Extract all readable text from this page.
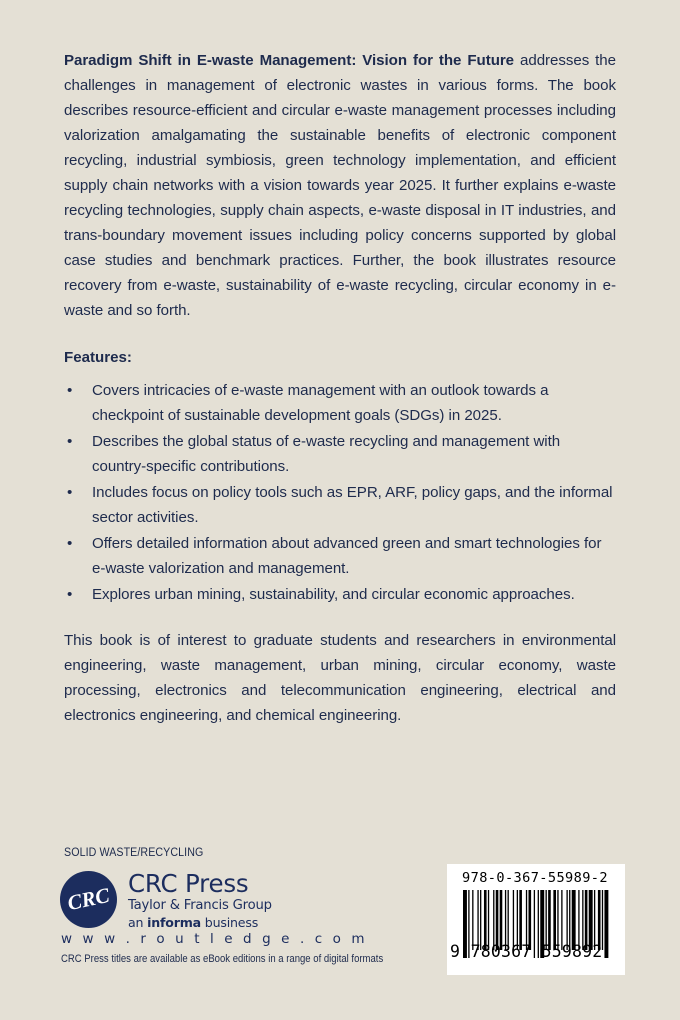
Paradigm Shift in E-waste Management: Vision for the Future addresses the challenges in management of electronic wastes in various forms. The book describes resource-efficient and circular e-waste management processes including valorization amalgamating the sustainable benefits of electronic component recycling, industrial symbiosis, green technology implementation, and efficient supply chain networks with a vision towards year 2025. It further explains e-waste recycling technologies, supply chain aspects, e-waste disposal in IT industries, and trans-boundary movement issues including policy concerns supported by global case studies and benchmark practices. Further, the book illustrates resource recovery from e-waste, sustainability of e-waste recycling, circular economy in e-waste and so forth.

Features:
• Covers intricacies of e-waste management with an outlook towards a checkpoint of sustainable development goals (SDGs) in 2025.
• Describes the global status of e-waste recycling and management with country-specific contributions.
• Includes focus on policy tools such as EPR, ARF, policy gaps, and the informal sector activities.
• Offers detailed information about advanced green and smart technologies for e-waste valorization and management.
• Explores urban mining, sustainability, and circular economic approaches.

This book is of interest to graduate students and researchers in environmental engineering, waste management, urban mining, circular economy, waste processing, electronics and telecommunication engineering, electrical and electronics engineering, and chemical engineering.

SOLID WASTE/RECYCLING
CRC CRC Press
Taylor & Francis Group
an informa business
w w w . r o u t l e d g e . c o m
CRC Press titles are available as eBook editions in a range of digital formats
978-0-367-55989-2
9 780367 559892
